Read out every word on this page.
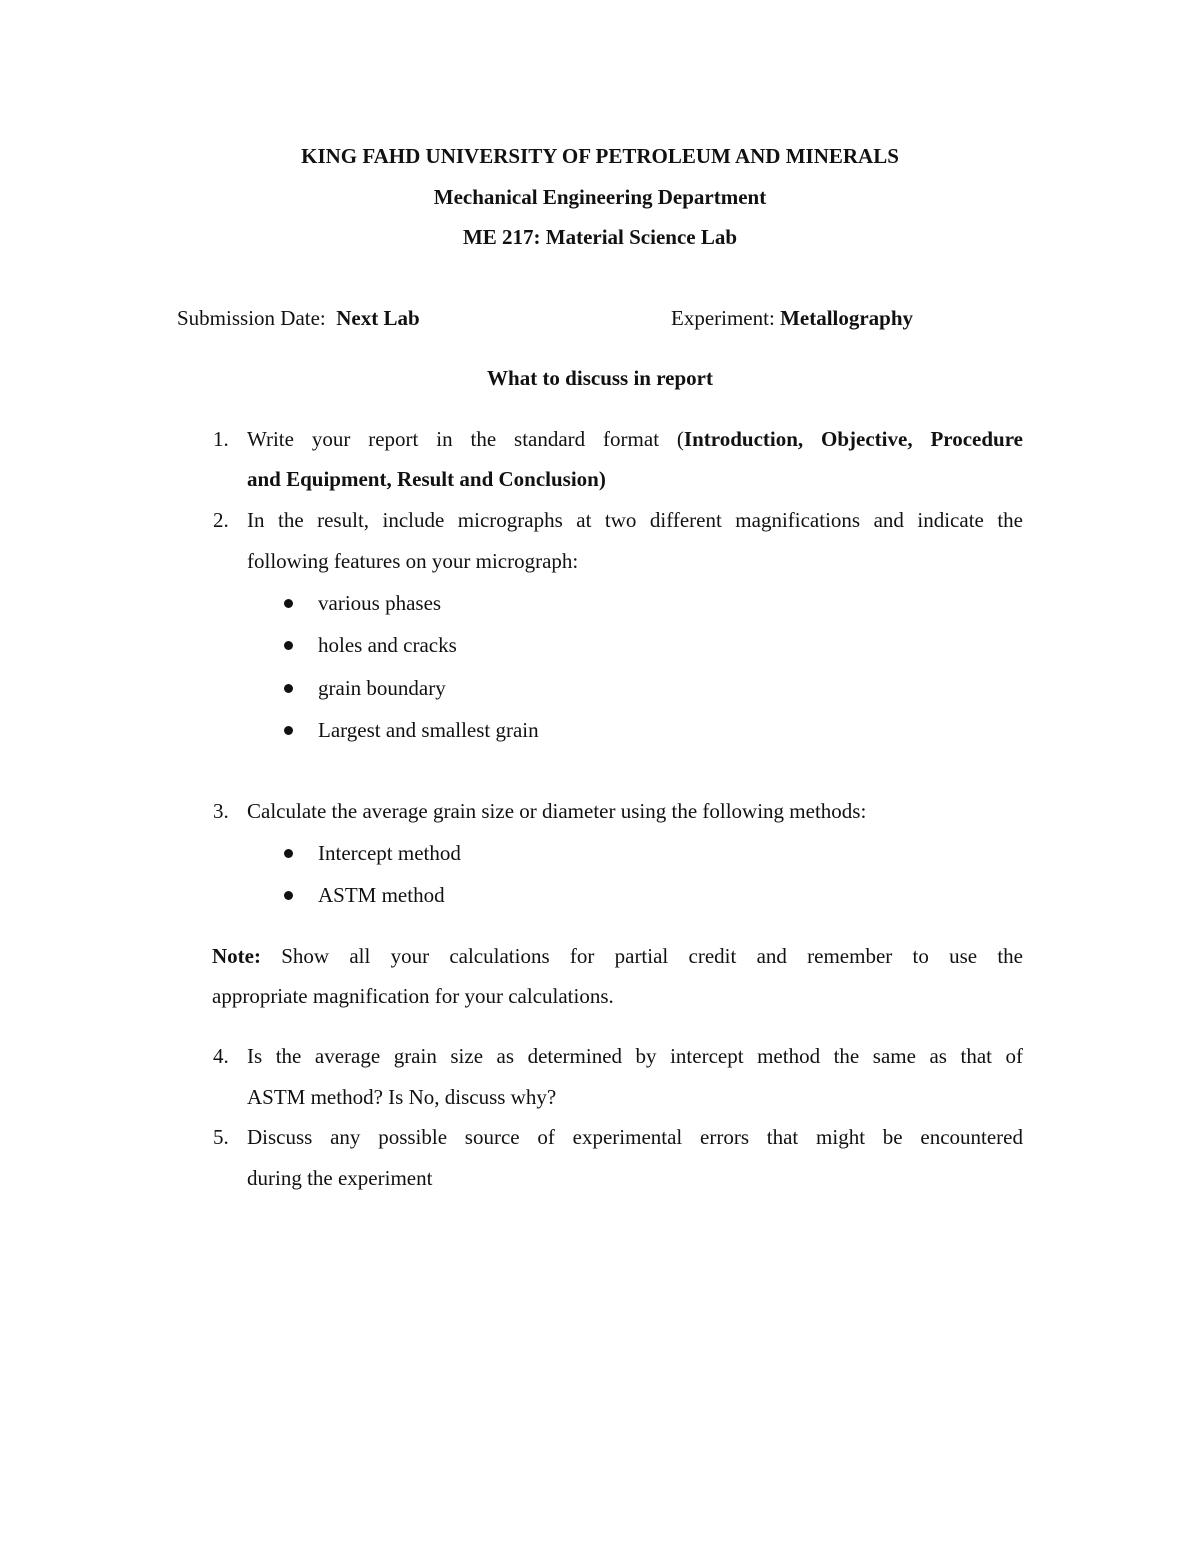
KING FAHD UNIVERSITY OF PETROLEUM AND MINERALS
Mechanical Engineering Department
ME 217: Material Science Lab
Submission Date: Next Lab	Experiment: Metallography
What to discuss in report
1. Write your report in the standard format (Introduction, Objective, Procedure
and Equipment, Result and Conclusion)
2. In the result, include micrographs at two different magnifications and indicate the
following features on your micrograph:
various phases
holes and cracks
grain boundary
Largest and smallest grain
3. Calculate the average grain size or diameter using the following methods:
Intercept method
ASTM method
Note: Show all your calculations for partial credit and remember to use the
appropriate magnification for your calculations.
4. Is the average grain size as determined by intercept method the same as that of
ASTM method? Is No, discuss why?
5. Discuss any possible source of experimental errors that might be encountered
during the experiment
